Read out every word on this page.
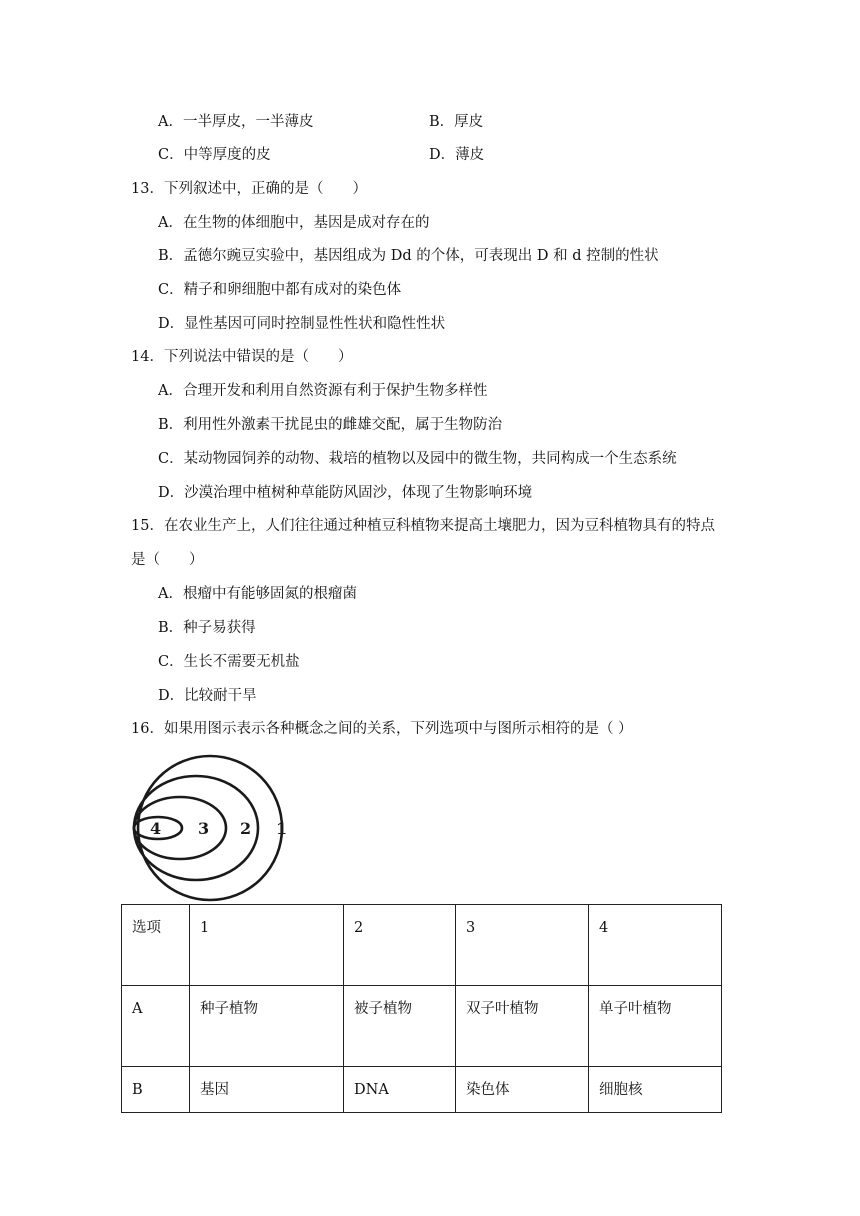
A．一半厚皮，一半薄皮	B．厚皮
C．中等厚度的皮	D．薄皮
13．下列叙述中，正确的是（　　）
A．在生物的体细胞中，基因是成对存在的
B．孟德尔豌豆实验中，基因组成为 Dd 的个体，可表现出 D 和 d 控制的性状
C．精子和卵细胞中都有成对的染色体
D．显性基因可同时控制显性性状和隐性性状
14．下列说法中错误的是（　　）
A．合理开发和利用自然资源有利于保护生物多样性
B．利用性外激素干扰昆虫的雌雄交配，属于生物防治
C．某动物园饲养的动物、栽培的植物以及园中的微生物，共同构成一个生态系统
D．沙漠治理中植树种草能防风固沙，体现了生物影响环境
15．在农业生产上，人们往往通过种植豆科植物来提高土壤肥力，因为豆科植物具有的特点
是（　　）
A．根瘤中有能够固氮的根瘤菌
B．种子易获得
C．生长不需要无机盐
D．比较耐干旱
16．如果用图示表示各种概念之间的关系，下列选项中与图所示相符的是（ ）
1
2
3
4
选项	1	2	3	4
A	种子植物	被子植物	双子叶植物	单子叶植物
B	基因	DNA	染色体	细胞核
